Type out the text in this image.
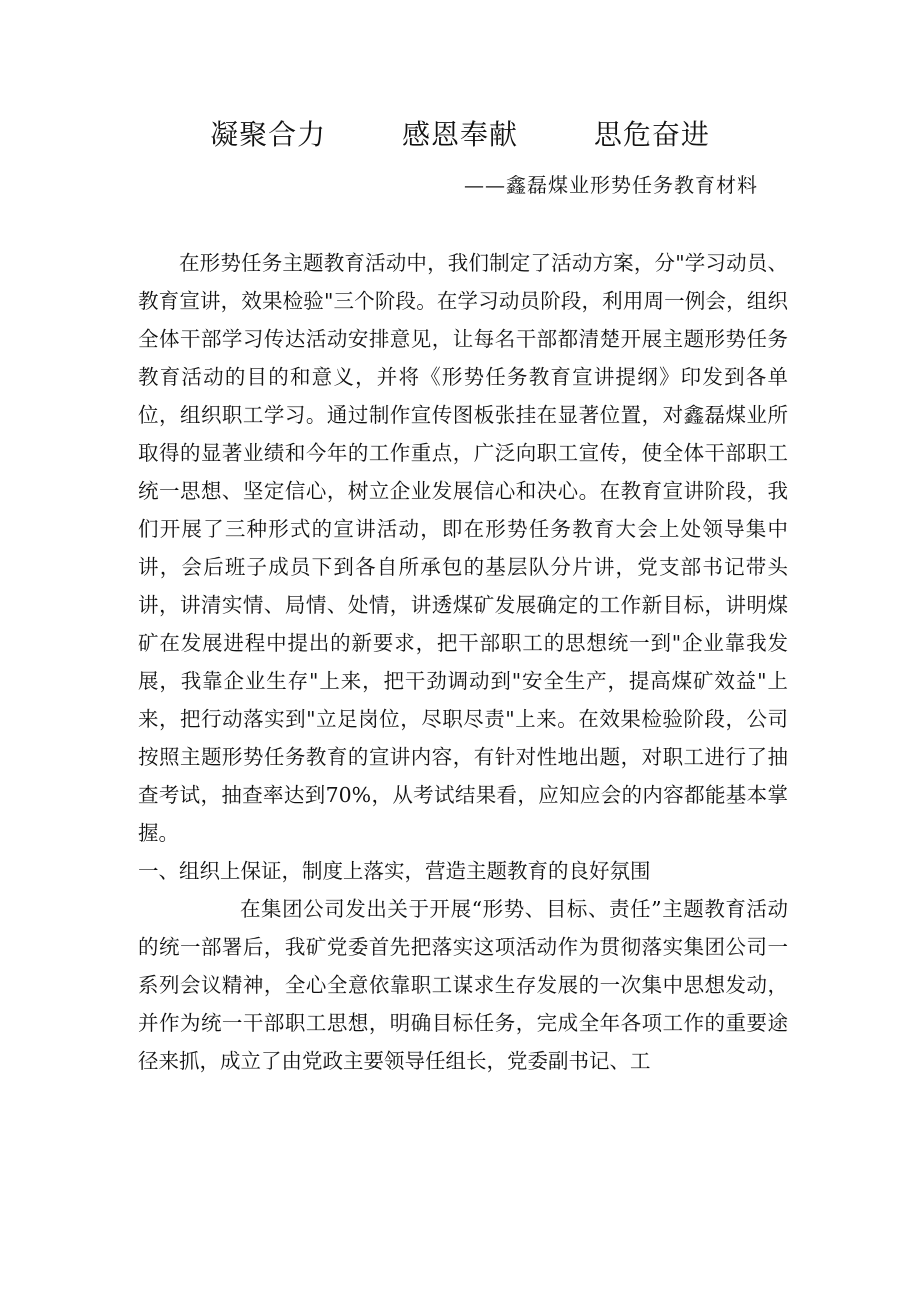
凝聚合力	感恩奉献	思危奋进
——鑫磊煤业形势任务教育材料

在形势任务主题教育活动中，我们制定了活动方案，分"学习动员、教育宣讲，效果检验"三个阶段。在学习动员阶段，利用周一例会，组织全体干部学习传达活动安排意见，让每名干部都清楚开展主题形势任务教育活动的目的和意义，并将《形势任务教育宣讲提纲》印发到各单位，组织职工学习。通过制作宣传图板张挂在显著位置，对鑫磊煤业所取得的显著业绩和今年的工作重点，广泛向职工宣传，使全体干部职工统一思想、坚定信心，树立企业发展信心和决心。在教育宣讲阶段，我们开展了三种形式的宣讲活动，即在形势任务教育大会上处领导集中讲，会后班子成员下到各自所承包的基层队分片讲，党支部书记带头讲，讲清实情、局情、处情，讲透煤矿发展确定的工作新目标，讲明煤矿在发展进程中提出的新要求，把干部职工的思想统一到"企业靠我发展，我靠企业生存"上来，把干劲调动到"安全生产，提高煤矿效益"上来，把行动落实到"立足岗位，尽职尽责"上来。在效果检验阶段，公司按照主题形势任务教育的宣讲内容，有针对性地出题，对职工进行了抽查考试，抽查率达到70%，从考试结果看，应知应会的内容都能基本掌握。

一、组织上保证，制度上落实，营造主题教育的良好氛围

在集团公司发出关于开展“形势、目标、责任”主题教育活动的统一部署后，我矿党委首先把落实这项活动作为贯彻落实集团公司一系列会议精神，全心全意依靠职工谋求生存发展的一次集中思想发动，并作为统一干部职工思想，明确目标任务，完成全年各项工作的重要途径来抓，成立了由党政主要领导任组长，党委副书记、工
